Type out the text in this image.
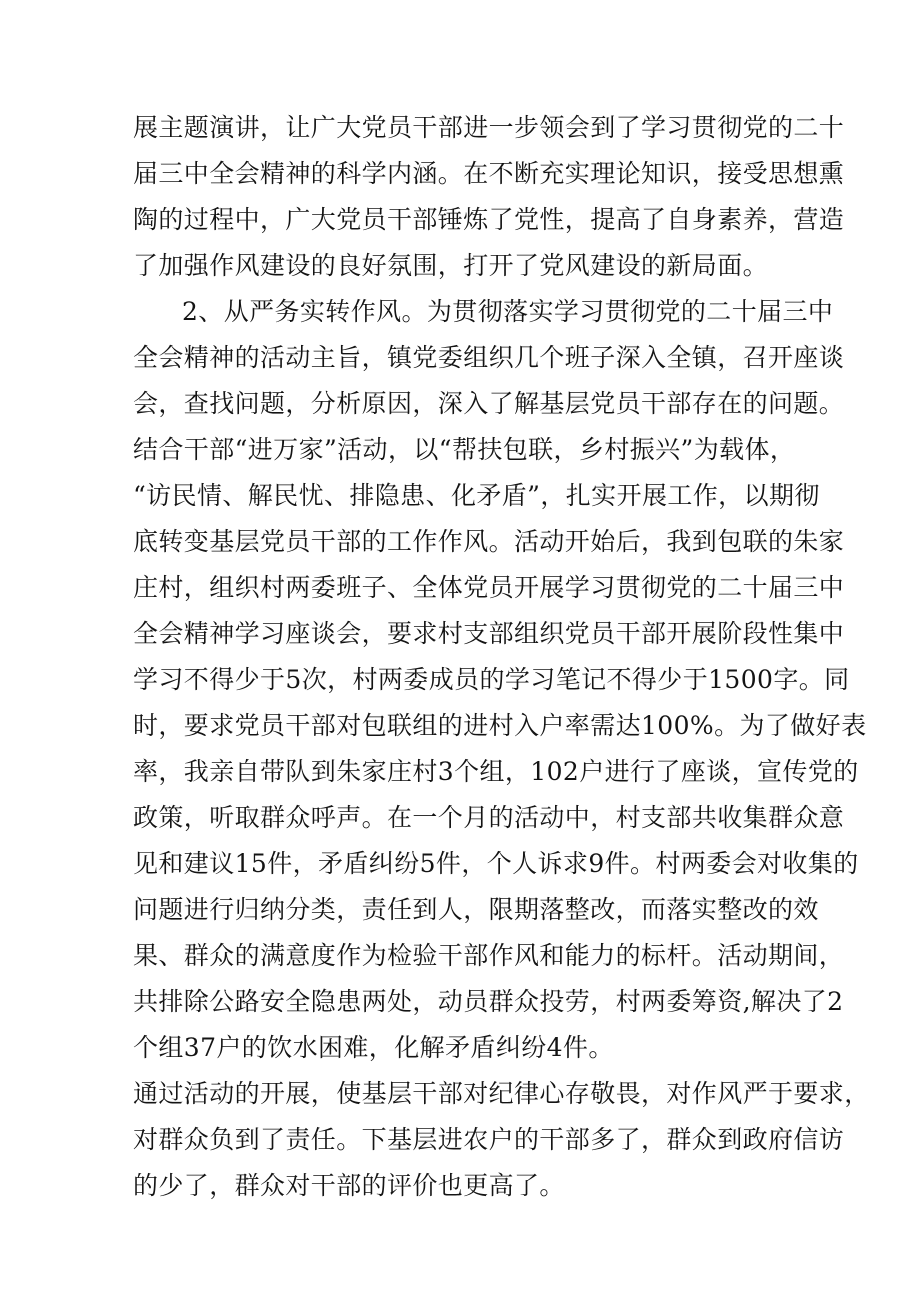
展主题演讲，让广大党员干部进一步领会到了学习贯彻党的二十
届三中全会精神的科学内涵。在不断充实理论知识，接受思想熏
陶的过程中，广大党员干部锤炼了党性，提高了自身素养，营造
了加强作风建设的良好氛围，打开了党风建设的新局面。
2、从严务实转作风。为贯彻落实学习贯彻党的二十届三中
全会精神的活动主旨，镇党委组织几个班子深入全镇，召开座谈
会，查找问题，分析原因，深入了解基层党员干部存在的问题。
结合干部“进万家”活动，以“帮扶包联，乡村振兴”为载体，
“访民情、解民忧、排隐患、化矛盾”，扎实开展工作，以期彻
底转变基层党员干部的工作作风。活动开始后，我到包联的朱家
庄村，组织村两委班子、全体党员开展学习贯彻党的二十届三中
全会精神学习座谈会，要求村支部组织党员干部开展阶段性集中
学习不得少于5次，村两委成员的学习笔记不得少于1500字。同
时，要求党员干部对包联组的进村入户率需达100%。为了做好表
率，我亲自带队到朱家庄村3个组，102户进行了座谈，宣传党的
政策，听取群众呼声。在一个月的活动中，村支部共收集群众意
见和建议15件，矛盾纠纷5件，个人诉求9件。村两委会对收集的
问题进行归纳分类，责任到人，限期落整改，而落实整改的效
果、群众的满意度作为检验干部作风和能力的标杆。活动期间，
共排除公路安全隐患两处，动员群众投劳，村两委筹资,解决了2
个组37户的饮水困难，化解矛盾纠纷4件。
通过活动的开展，使基层干部对纪律心存敬畏，对作风严于要求，
对群众负到了责任。下基层进农户的干部多了，群众到政府信访
的少了，群众对干部的评价也更高了。
